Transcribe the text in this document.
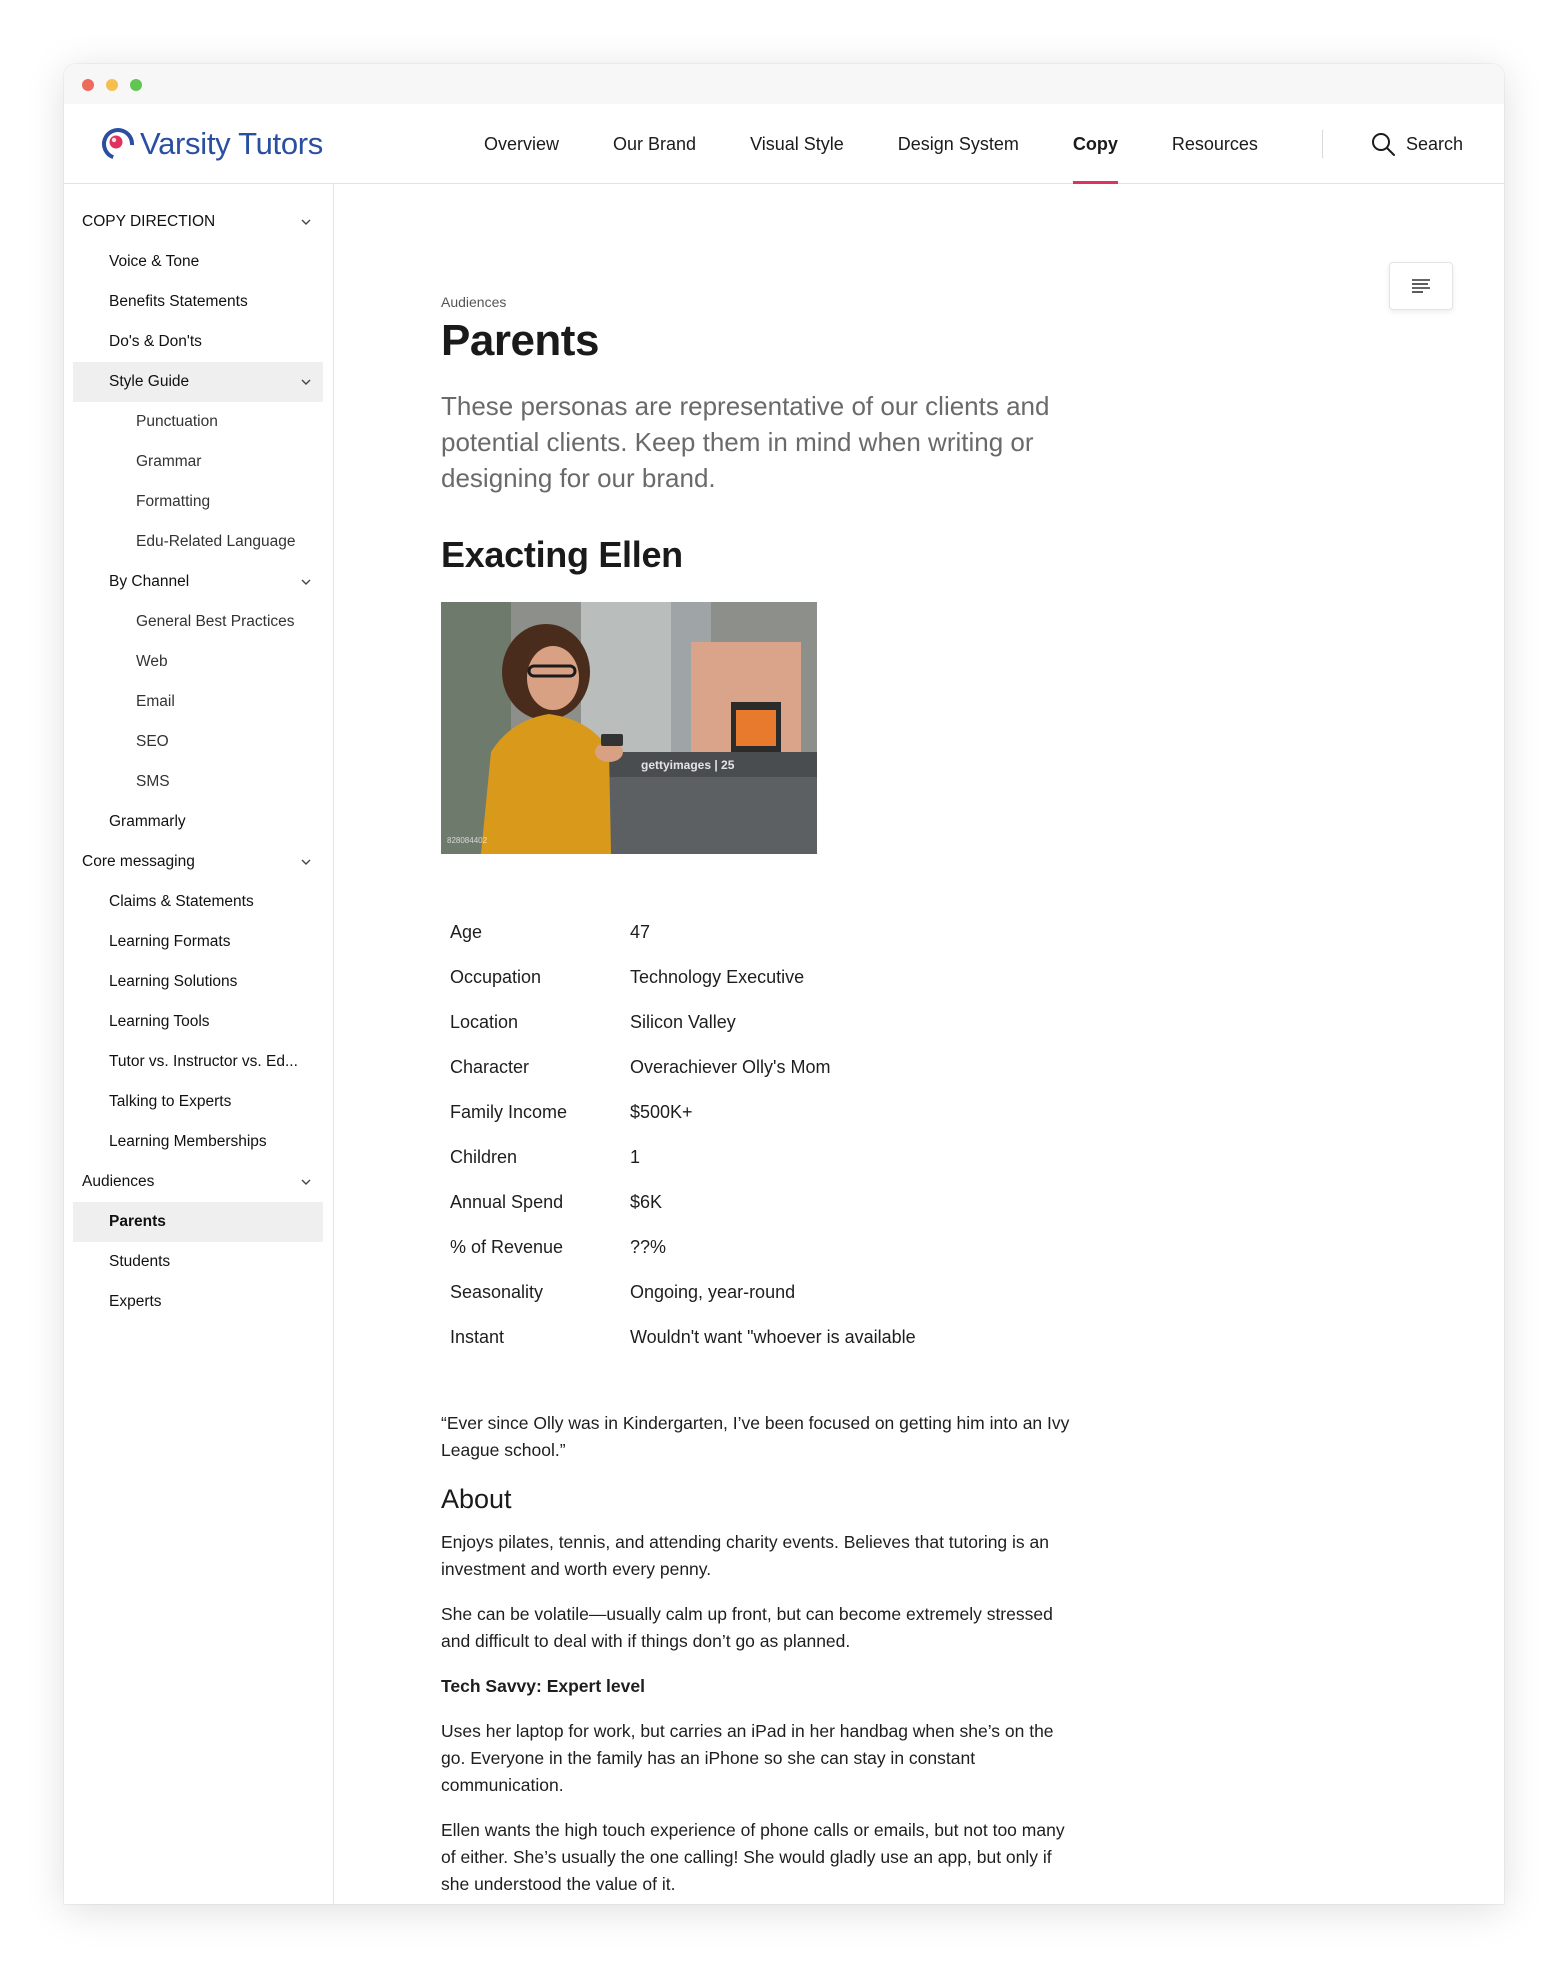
Varsity Tutors	Overview	Our Brand	Visual Style	Design System	Copy	Resources	Search
COPY DIRECTION
Voice & Tone
Benefits Statements
Do's & Don'ts
Style Guide
Punctuation
Grammar
Formatting
Edu-Related Language
By Channel
General Best Practices
Web
Email
SEO
SMS
Grammarly
Core messaging
Claims & Statements
Learning Formats
Learning Solutions
Learning Tools
Tutor vs. Instructor vs. Ed...
Talking to Experts
Learning Memberships
Audiences
Parents
Students
Experts
Audiences
Parents
These personas are representative of our clients and potential clients. Keep them in mind when writing or designing for our brand.
Exacting Ellen
gettyimages | 25
828084402
Age	47
Occupation	Technology Executive
Location	Silicon Valley
Character	Overachiever Olly's Mom
Family Income	$500K+
Children	1
Annual Spend	$6K
% of Revenue	??%
Seasonality	Ongoing, year-round
Instant	Wouldn't want "whoever is available
“Ever since Olly was in Kindergarten, I’ve been focused on getting him into an Ivy League school.”
About
Enjoys pilates, tennis, and attending charity events. Believes that tutoring is an investment and worth every penny.
She can be volatile—usually calm up front, but can become extremely stressed and difficult to deal with if things don’t go as planned.
Tech Savvy: Expert level
Uses her laptop for work, but carries an iPad in her handbag when she’s on the go. Everyone in the family has an iPhone so she can stay in constant communication.
Ellen wants the high touch experience of phone calls or emails, but not too many of either. She’s usually the one calling! She would gladly use an app, but only if she understood the value of it.
